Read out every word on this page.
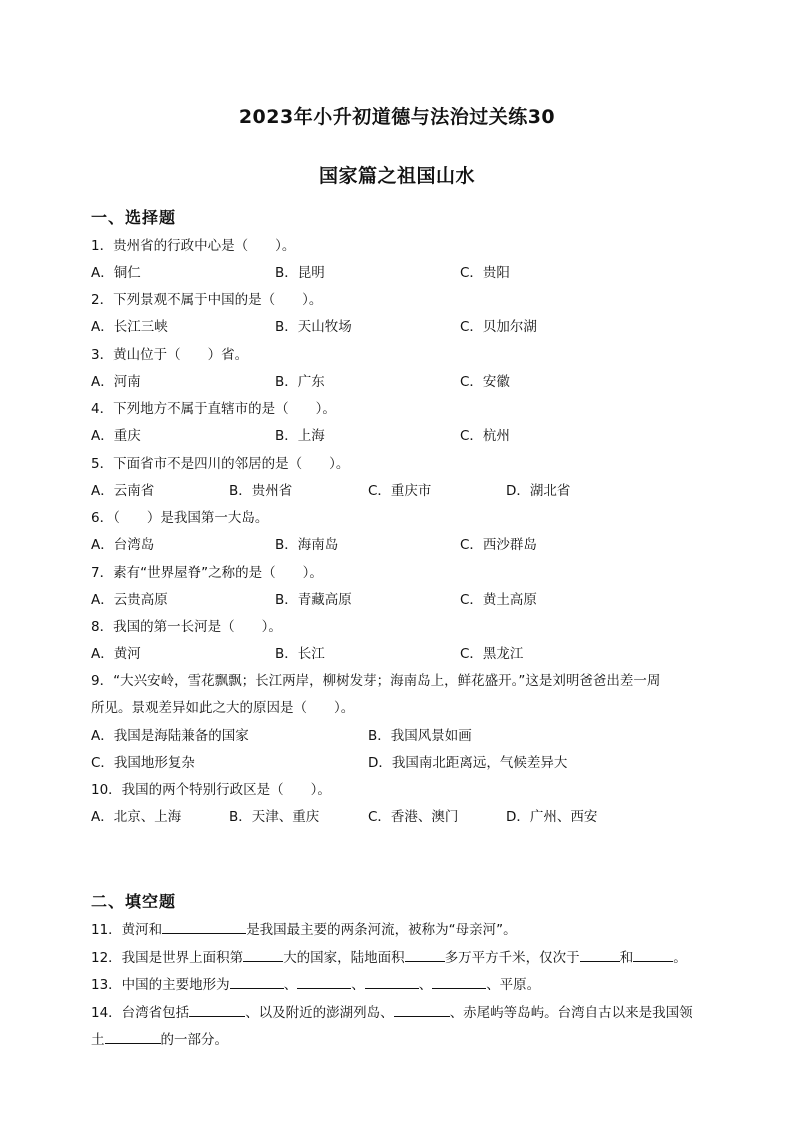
2023年小升初道德与法治过关练30
国家篇之祖国山水
一、选择题
1．贵州省的行政中心是（　　）。
A．铜仁	B．昆明	C．贵阳
2．下列景观不属于中国的是（　　）。
A．长江三峡	B．天山牧场	C．贝加尔湖
3．黄山位于（　　）省。
A．河南	B．广东	C．安徽
4．下列地方不属于直辖市的是（　　）。
A．重庆	B．上海	C．杭州
5．下面省市不是四川的邻居的是（　　）。
A．云南省	B．贵州省	C．重庆市	D．湖北省
6．（　　）是我国第一大岛。
A．台湾岛	B．海南岛	C．西沙群岛
7．素有“世界屋脊”之称的是（　　）。
A．云贵高原	B．青藏高原	C．黄土高原
8．我国的第一长河是（　　）。
A．黄河	B．长江	C．黑龙江
9．“大兴安岭，雪花飘飘；长江两岸，柳树发芽；海南岛上，鲜花盛开。”这是刘明爸爸出差一周
所见。景观差异如此之大的原因是（　　）。
A．我国是海陆兼备的国家	B．我国风景如画
C．我国地形复杂	D．我国南北距离远，气候差异大
10．我国的两个特别行政区是（　　）。
A．北京、上海	B．天津、重庆	C．香港、澳门	D．广州、西安
二、填空题
11．黄河和	是我国最主要的两条河流，被称为“母亲河”。
12．我国是世界上面积第	大的国家，陆地面积	多万平方千米，仅次于	和	。
13．中国的主要地形为	、	、	、	、平原。
14．台湾省包括	、以及附近的澎湖列岛、	、赤尾屿等岛屿。台湾自古以来是我国领
土	的一部分。
